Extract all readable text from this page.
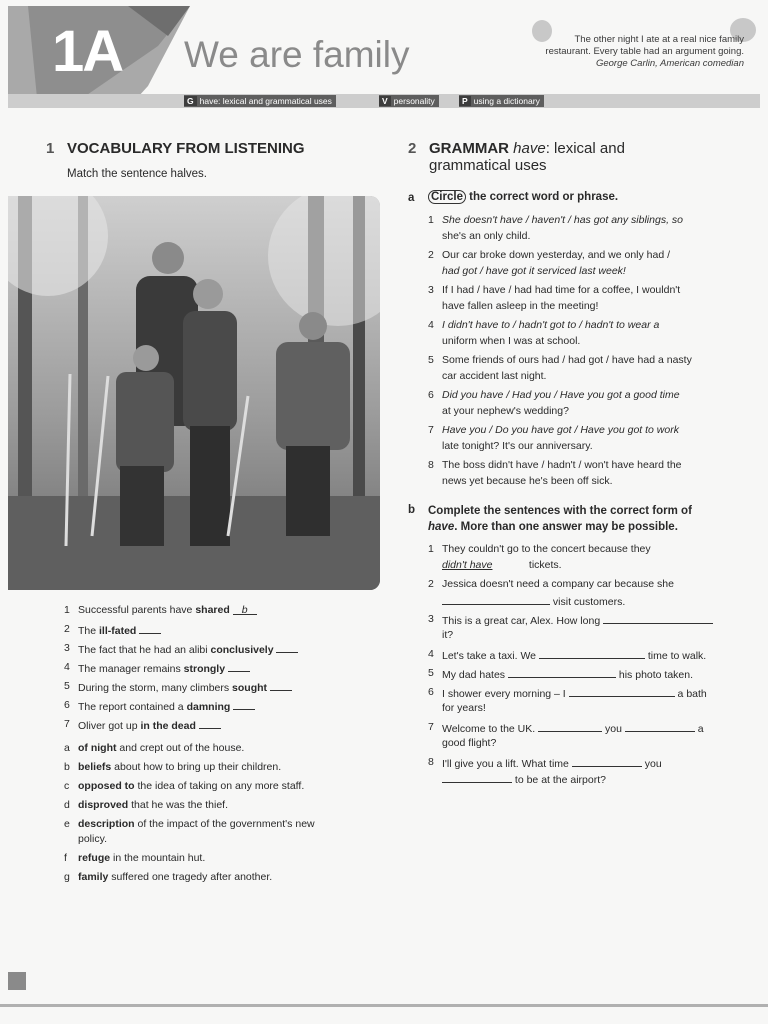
1A We are family	The other night I ate at a real nice family
restaurant. Every table had an argument going.
George Carlin, American comedian
G have: lexical and grammatical uses	V personality	P using a dictionary
1 VOCABULARY FROM LISTENING
Match the sentence halves.
1 Successful parents have shared b
2 The ill-fated
3 The fact that he had an alibi conclusively
4 The manager remains strongly
5 During the storm, many climbers sought
6 The report contained a damning
7 Oliver got up in the dead
a of night and crept out of the house.
b beliefs about how to bring up their children.
c opposed to the idea of taking on any more staff.
d disproved that he was the thief.
e description of the impact of the government's new
policy.
f refuge in the mountain hut.
g family suffered one tragedy after another.
2 GRAMMAR have: lexical and
grammatical uses
a Circle the correct word or phrase.
1 She doesn't have / haven't / has got any siblings, so
she's an only child.
2 Our car broke down yesterday, and we only had /
had got / have got it serviced last week!
3 If I had / have / had had time for a coffee, I wouldn't
have fallen asleep in the meeting!
4 I didn't have to / hadn't got to / hadn't to wear a
uniform when I was at school.
5 Some friends of ours had / had got / have had a nasty
car accident last night.
6 Did you have / Had you / Have you got a good time
at your nephew's wedding?
7 Have you / Do you have got / Have you got to work
late tonight? It's our anniversary.
8 The boss didn't have / hadn't / won't have heard the
news yet because he's been off sick.
b Complete the sentences with the correct form of
have. More than one answer may be possible.
1 They couldn't go to the concert because they
didn't have	tickets.
2 Jessica doesn't need a company car because she
visit customers.
3 This is a great car, Alex. How long
it?
4 Let's take a taxi. We	time to walk.
5 My dad hates	his photo taken.
6 I shower every morning – I	a bath
for years!
7 Welcome to the UK.	you	a
good flight?
8 I'll give you a lift. What time	you
to be at the airport?
